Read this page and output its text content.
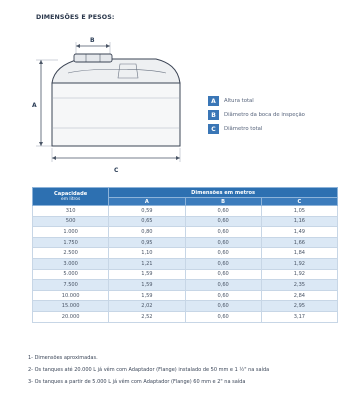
DIMENSÕES E PESOS:
B
A
C
A	Altura total
B	Diâmetro da boca de inspeção
C	Diâmetro total
Capacidade
em litros	Dimensões em metros		
	A	B	C
310	0,59	0,60	1,05
500	0,65	0,60	1,16
1.000	0,80	0,60	1,49
1.750	0,95	0,60	1,66
2.500	1,10	0,60	1,84
3.000	1,21	0,60	1,92
5.000	1,59	0,60	1,92
7.500	1,59	0,60	2,35
10.000	1,59	0,60	2,84
15.000	2,02	0,60	2,95
20.000	2,52	0,60	3,17
1- Dimensões aproximadas.
2- Os tanques até 20.000 L já vêm com Adaptador (Flange) instalado de 50 mm e 1 ½" na saída
3- Os tanques a partir de 5.000 L já vêm com Adaptador (Flange) 60 mm e 2" na saída
